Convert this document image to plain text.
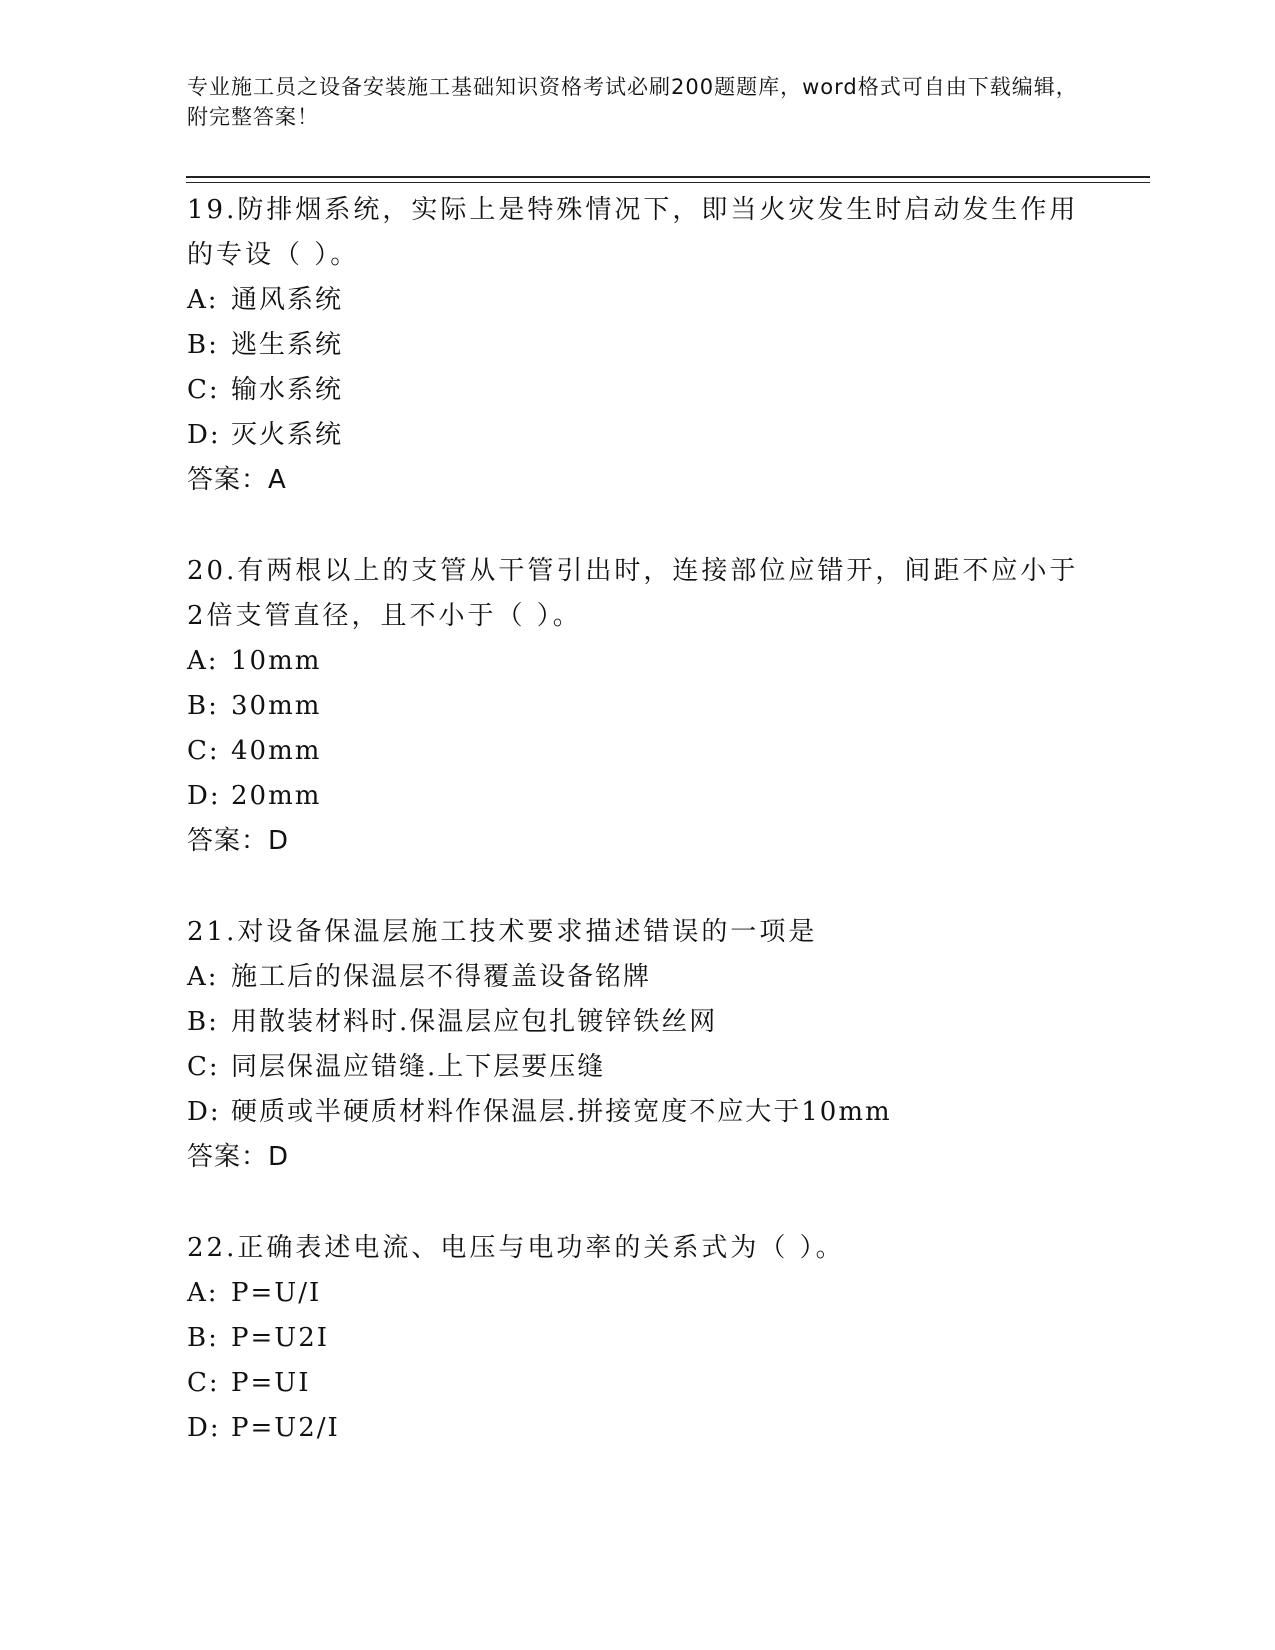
专业施工员之设备安装施工基础知识资格考试必刷200题题库，word格式可自由下载编辑，附完整答案！

19.防排烟系统，实际上是特殊情况下，即当火灾发生时启动发生作用的专设（ ）。

A: 通风系统

B: 逃生系统

C: 输水系统

D: 灭火系统

答案：A

20.有两根以上的支管从干管引出时，连接部位应错开，间距不应小于2倍支管直径，且不小于（ ）。

A: 10mm

B: 30mm

C: 40mm

D: 20mm

答案：D

21.对设备保温层施工技术要求描述错误的一项是

A: 施工后的保温层不得覆盖设备铭牌

B: 用散装材料时.保温层应包扎镀锌铁丝网

C: 同层保温应错缝.上下层要压缝

D: 硬质或半硬质材料作保温层.拼接宽度不应大于10mm

答案：D

22.正确表述电流、电压与电功率的关系式为（ ）。

A: P=U/I

B: P=U2I

C: P=UI

D: P=U2/I
